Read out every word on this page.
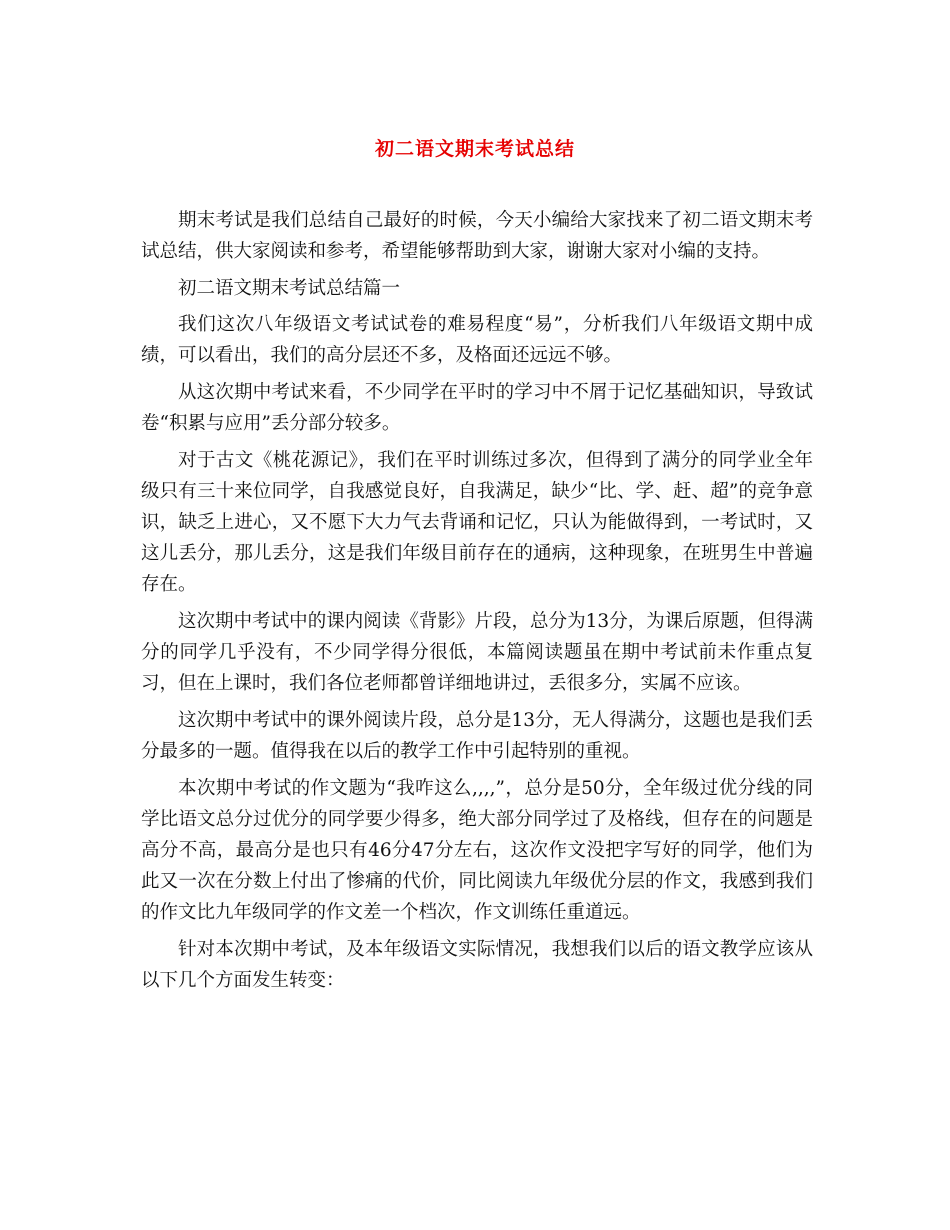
初二语文期末考试总结

期末考试是我们总结自己最好的时候，今天小编给大家找来了初二语文期末考试总结，供大家阅读和参考，希望能够帮助到大家，谢谢大家对小编的支持。

初二语文期末考试总结篇一

我们这次八年级语文考试试卷的难易程度“易”，分析我们八年级语文期中成绩，可以看出，我们的高分层还不多，及格面还远远不够。

从这次期中考试来看，不少同学在平时的学习中不屑于记忆基础知识，导致试卷“积累与应用”丢分部分较多。

对于古文《桃花源记》，我们在平时训练过多次，但得到了满分的同学业全年级只有三十来位同学，自我感觉良好，自我满足，缺少“比、学、赶、超”的竞争意识，缺乏上进心，又不愿下大力气去背诵和记忆，只认为能做得到，一考试时，又这儿丢分，那儿丢分，这是我们年级目前存在的通病，这种现象，在班男生中普遍存在。

这次期中考试中的课内阅读《背影》片段，总分为13分，为课后原题，但得满分的同学几乎没有，不少同学得分很低，本篇阅读题虽在期中考试前未作重点复习，但在上课时，我们各位老师都曾详细地讲过，丢很多分，实属不应该。

这次期中考试中的课外阅读片段，总分是13分，无人得满分，这题也是我们丢分最多的一题。值得我在以后的教学工作中引起特别的重视。

本次期中考试的作文题为“我咋这么,,,,”，总分是50分，全年级过优分线的同学比语文总分过优分的同学要少得多，绝大部分同学过了及格线，但存在的问题是高分不高，最高分是也只有46分47分左右，这次作文没把字写好的同学，他们为此又一次在分数上付出了惨痛的代价，同比阅读九年级优分层的作文，我感到我们的作文比九年级同学的作文差一个档次，作文训练任重道远。

针对本次期中考试，及本年级语文实际情况，我想我们以后的语文教学应该从以下几个方面发生转变：
